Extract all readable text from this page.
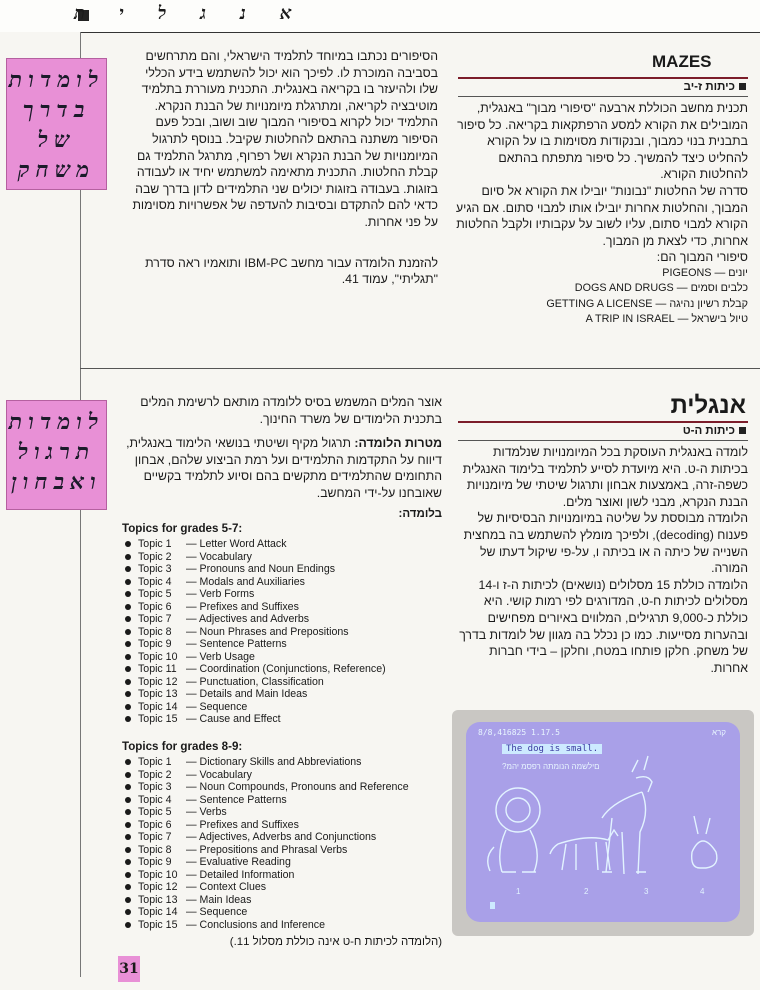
אנגלית
לומדות
בדרך
של
משחק
MAZES
כיתות ז-יב

תכנית מחשב הכוללת ארבעה "סיפורי מבוך" באנגלית, המובילים את הקורא למסע הרפתקאות בקריאה. כל סיפור בתבנית בנוי כמבוך, ובנקודות מסוימות בו על הקורא להחליט כיצד להמשיך. כל סיפור מתפתח בהתאם להחלטות הקורא.

סדרה של החלטות "נבונות" יובילו את הקורא אל סיום המבוך, והחלטות אחרות יובילו אותו למבוי סתום. אם הגיע הקורא למבוי סתום, עליו לשוב על עקבותיו ולקבל החלטות אחרות, כדי לצאת מן המבוך.

סיפורי המבוך הם:

יונים — PIGEONS
כלבים וסמים — DOGS AND DRUGS
קבלת רשיון נהיגה — GETTING A LICENSE
טיול בישראל — A TRIP IN ISRAEL

הסיפורים נכתבו במיוחד לתלמיד הישראלי, והם מתרחשים בסביבה המוכרת לו. לפיכך הוא יכול להשתמש בידע הכללי שלו ולהיעזר בו בקריאה באנגלית. התכנית מעוררת בתלמיד מוטיבציה לקריאה, ומתרגלת מיומנויות של הבנת הנקרא. התלמיד יכול לקרוא בסיפורי המבוך שוב ושוב, ובכל פעם הסיפור משתנה בהתאם להחלטות שקיבל. בנוסף לתרגול המיומנויות של הבנת הנקרא ושל רפרוף, מתרגל התלמיד גם קבלת החלטות. התכנית מתאימה למשתמש יחיד או לעבודה בזוגות. בעבודה בזוגות יכולים שני התלמידים לדון בדרך שבה כדאי להם להתקדם ובסיבות להעדפה של אפשרויות מסוימות על פני אחרות.

להזמנת הלומדה עבור מחשב IBM-PC ותואמיו ראה סדרת "תגליתי", עמוד 41.

לומדות
תרגול
ואבחון
אנגלית
כיתות ה-ט

לומדה באנגלית העוסקת בכל המיומנויות שנלמדות בכיתות ה-ט. היא מיועדת לסייע לתלמיד בלימוד האנגלית כשפה-זרה, באמצעות אבחון ותרגול שיטתי של מיומנויות הבנת הנקרא, מבני לשון ואוצר מלים.

הלומדה מבוססת על שליטה במיומנויות הבסיסיות של פענוח (decoding), ולפיכך מומלץ להשתמש בה במחצית השנייה של כיתה ה או בכיתה ו, על-פי שיקול דעתו של המורה.

הלומדה כוללת 15 מסלולים (נושאים) לכיתות ה-ז ו-14 מסלולים לכיתות ח-ט, המדורגים לפי רמות קושי. היא כוללת כ-9,000 תרגילים, המלווים באיורים מפחישים ובהערות מסייעות. כמו כן נכלל בה מגוון של לומדות בדרך של משחק. חלקן פותחו במטח, וחלקן – בידי חברות אחרות.

אוצר המלים המשמש בסיס ללומדה מותאם לרשימת המלים בתכנית הלימודים של משרד החינוך.

מטרות הלומדה: תרגול מקיף ושיטתי בנושאי הלימוד באנגלית, דיווח על התקדמות התלמידים ועל רמת הביצוע שלהם, אבחון התחומים שהתלמידים מתקשים בהם וסיוע לתלמיד בקשיים שאובחנו על-ידי המחשב.

בלומדה:

Topics for grades 5-7:
Topic 1 — Letter Word Attack
Topic 2 — Vocabulary
Topic 3 — Pronouns and Noun Endings
Topic 4 — Modals and Auxiliaries
Topic 5 — Verb Forms
Topic 6 — Prefixes and Suffixes
Topic 7 — Adjectives and Adverbs
Topic 8 — Noun Phrases and Prepositions
Topic 9 — Sentence Patterns
Topic 10 — Verb Usage
Topic 11 — Coordination (Conjunctions, Reference)
Topic 12 — Punctuation, Classification
Topic 13 — Details and Main Ideas
Topic 14 — Sequence
Topic 15 — Cause and Effect
Topics for grades 8-9:
Topic 1 — Dictionary Skills and Abbreviations
Topic 2 — Vocabulary
Topic 3 — Noun Compounds, Pronouns and Reference
Topic 4 — Sentence Patterns
Topic 5 — Verbs
Topic 6 — Prefixes and Suffixes
Topic 7 — Adjectives, Adverbs and Conjunctions
Topic 8 — Prepositions and Phrasal Verbs
Topic 9 — Evaluative Reading
Topic 10 — Detailed Information
Topic 12 — Context Clues
Topic 13 — Main Ideas
Topic 14 — Sequence
Topic 15 — Conclusions and Inference

(הלומדה לכיתות ח-ט אינה כוללת מסלול 11.)

8/8,416825 1.17.5	קרא
The dog is small.
?םילשמה הנומתה רפסמ יהמ
1	2	3	4
31
